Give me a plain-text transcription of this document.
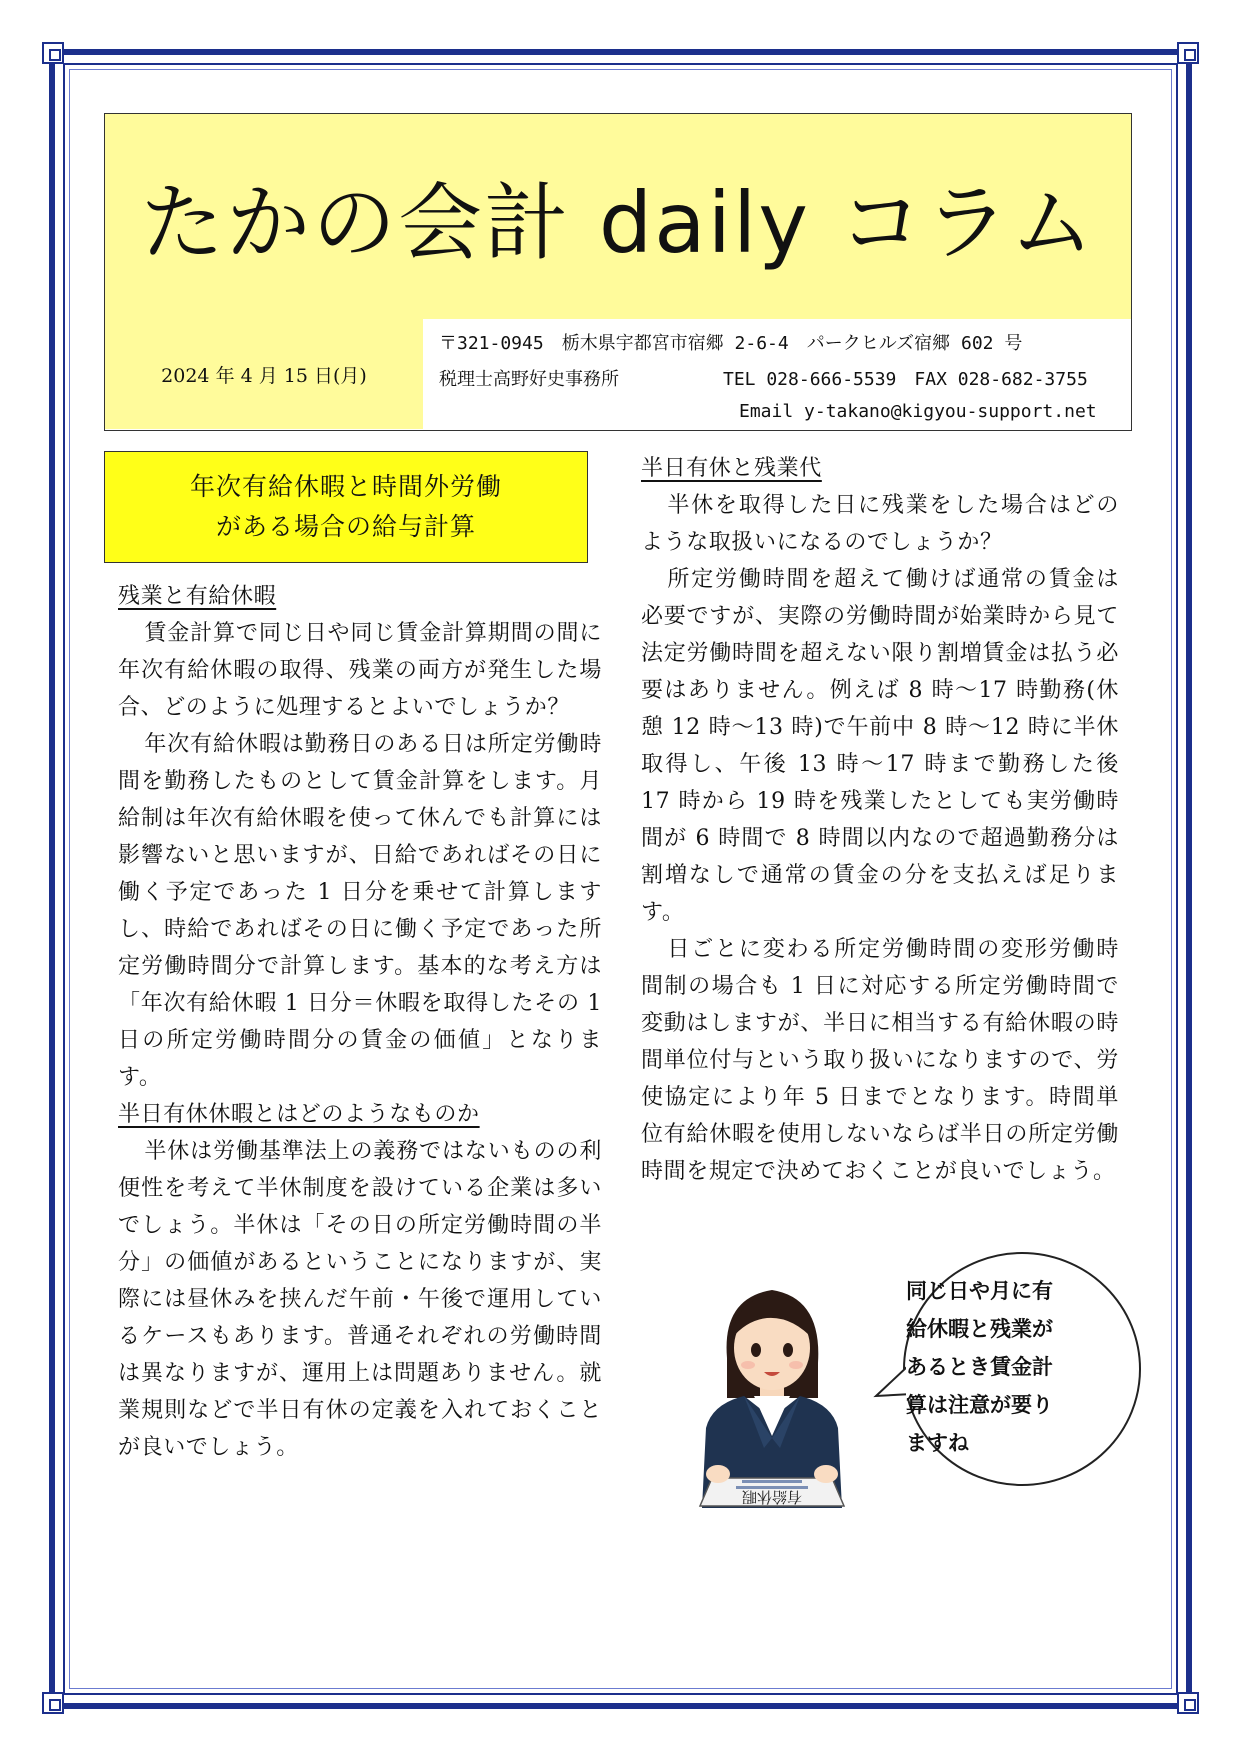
たかの会計 daily コラム
2024 年 4 月 15 日(月)
〒321-0945　栃木県宇都宮市宿郷 2-6-4　パークヒルズ宿郷 602 号
税理士高野好史事務所	TEL 028-666-5539　FAX 028-682-3755
Email y-takano@kigyou-support.net
年次有給休暇と時間外労働
がある場合の給与計算
残業と有給休暇

賃金計算で同じ日や同じ賃金計算期間の間に年次有給休暇の取得、残業の両方が発生した場合、どのように処理するとよいでしょうか？

年次有給休暇は勤務日のある日は所定労働時間を勤務したものとして賃金計算をします。月給制は年次有給休暇を使って休んでも計算には影響ないと思いますが、日給であればその日に働く予定であった 1 日分を乗せて計算しますし、時給であればその日に働く予定であった所定労働時間分で計算します。基本的な考え方は「年次有給休暇 1 日分＝休暇を取得したその 1 日の所定労働時間分の賃金の価値」となります。

半日有休休暇とはどのようなものか

半休は労働基準法上の義務ではないものの利便性を考えて半休制度を設けている企業は多いでしょう。半休は「その日の所定労働時間の半分」の価値があるということになりますが、実際には昼休みを挟んだ午前・午後で運用しているケースもあります。普通それぞれの労働時間は異なりますが、運用上は問題ありません。就業規則などで半日有休の定義を入れておくことが良いでしょう。

半日有休と残業代

半休を取得した日に残業をした場合はどのような取扱いになるのでしょうか？

所定労働時間を超えて働けば通常の賃金は必要ですが、実際の労働時間が始業時から見て法定労働時間を超えない限り割増賃金は払う必要はありません。例えば 8 時～17 時勤務(休憩 12 時～13 時)で午前中 8 時～12 時に半休取得し、午後 13 時～17 時まで勤務した後 17 時から 19 時を残業したとしても実労働時間が 6 時間で 8 時間以内なので超過勤務分は割増なしで通常の賃金の分を支払えば足ります。

日ごとに変わる所定労働時間の変形労働時間制の場合も 1 日に対応する所定労働時間で変動はしますが、半日に相当する有給休暇の時間単位付与という取り扱いになりますので、労使協定により年 5 日までとなります。時間単位有給休暇を使用しないならば半日の所定労働時間を規定で決めておくことが良いでしょう。

有給休暇
同じ日や月に有
給休暇と残業が
あるとき賃金計
算は注意が要り
ますね
